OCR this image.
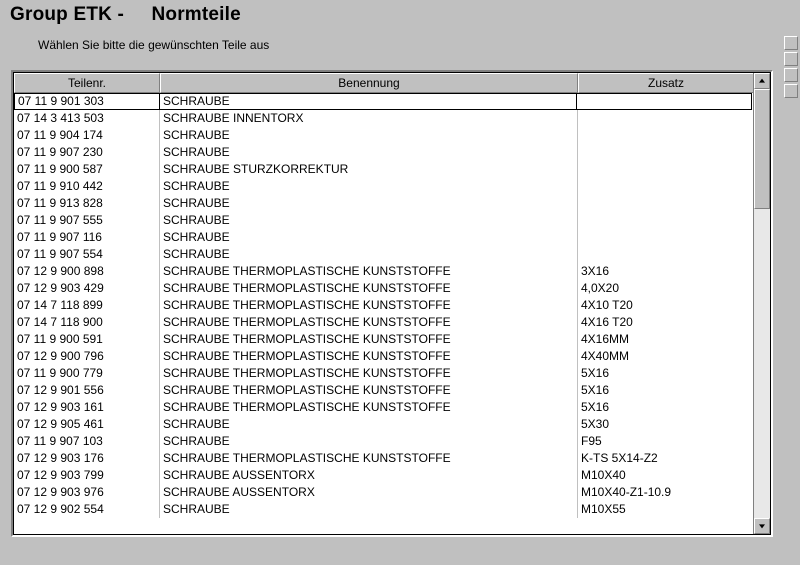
Group ETK -     Normteile
Wählen Sie bitte die gewünschten Teile aus
Teilenr.	Benennung	Zusatz
07 11 9 901 303	SCHRAUBE
07 14 3 413 503	SCHRAUBE INNENTORX
07 11 9 904 174	SCHRAUBE
07 11 9 907 230	SCHRAUBE
07 11 9 900 587	SCHRAUBE STURZKORREKTUR
07 11 9 910 442	SCHRAUBE
07 11 9 913 828	SCHRAUBE
07 11 9 907 555	SCHRAUBE
07 11 9 907 116	SCHRAUBE
07 11 9 907 554	SCHRAUBE
07 12 9 900 898	SCHRAUBE THERMOPLASTISCHE KUNSTSTOFFE	3X16
07 12 9 903 429	SCHRAUBE THERMOPLASTISCHE KUNSTSTOFFE	4,0X20
07 14 7 118 899	SCHRAUBE THERMOPLASTISCHE KUNSTSTOFFE	4X10 T20
07 14 7 118 900	SCHRAUBE THERMOPLASTISCHE KUNSTSTOFFE	4X16 T20
07 11 9 900 591	SCHRAUBE THERMOPLASTISCHE KUNSTSTOFFE	4X16MM
07 12 9 900 796	SCHRAUBE THERMOPLASTISCHE KUNSTSTOFFE	4X40MM
07 11 9 900 779	SCHRAUBE THERMOPLASTISCHE KUNSTSTOFFE	5X16
07 12 9 901 556	SCHRAUBE THERMOPLASTISCHE KUNSTSTOFFE	5X16
07 12 9 903 161	SCHRAUBE THERMOPLASTISCHE KUNSTSTOFFE	5X16
07 12 9 905 461	SCHRAUBE	5X30
07 11 9 907 103	SCHRAUBE	F95
07 12 9 903 176	SCHRAUBE THERMOPLASTISCHE KUNSTSTOFFE	K-TS 5X14-Z2
07 12 9 903 799	SCHRAUBE AUSSENTORX	M10X40
07 12 9 903 976	SCHRAUBE AUSSENTORX	M10X40-Z1-10.9
07 12 9 902 554	SCHRAUBE	M10X55
